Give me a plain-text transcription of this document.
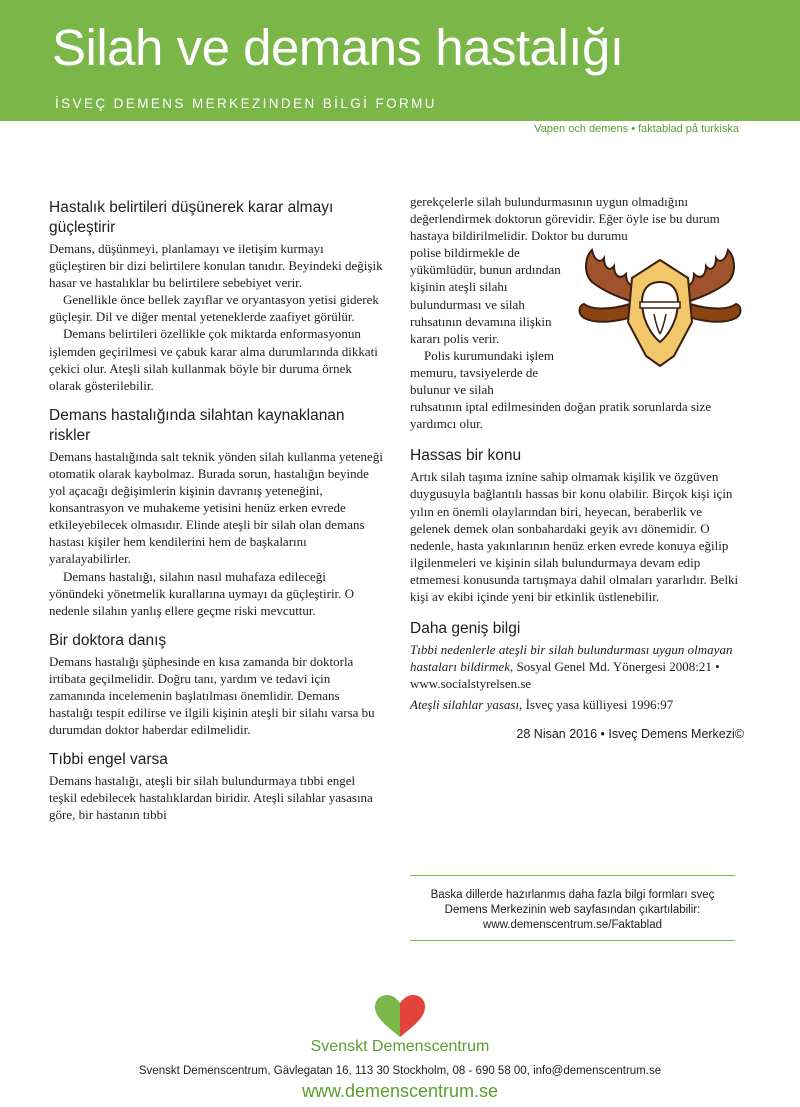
Silah ve demans hastalığı
İSVEÇ DEMENS MERKEZINDEN BİLGİ FORMU
Vapen och demens • faktablad på turkiska
Hastalık belirtileri düşünerek karar almayı güçleştirir

Demans, düşünmeyi, planlamayı ve iletişim kurmayı güçleştiren bir dizi belirtilere konulan tanıdır. Beyindeki değişik hasar ve hastalıklar bu belirtilere sebebiyet verir.

Genellikle önce bellek zayıflar ve oryantasyon yetisi giderek güçleşir. Dil ve diğer mental yeteneklerde zaafiyet görülür.

Demans belirtileri özellikle çok miktarda enformasyonun işlemden geçirilmesi ve çabuk karar alma durumlarında dikkati çekici olur. Ateşli silah kullanmak böyle bir duruma örnek olarak gösterilebilir.

Demans hastalığında silahtan kaynaklanan riskler

Demans hastalığında salt teknik yönden silah kullanma yeteneği otomatik olarak kaybolmaz. Burada sorun, hastalığın beyinde yol açacağı değişimlerin kişinin davranış yeteneğini, konsantrasyon ve muhakeme yetisini henüz erken evrede etkileyebilecek olmasıdır. Elinde ateşli bir silah olan demans hastası kişiler hem kendilerini hem de başkalarını yaralayabilirler.

Demans hastalığı, silahın nasıl muhafaza edileceği yönündeki yönetmelik kurallarına uymayı da güçleştirir. O nedenle silahın yanlış ellere geçme riski mevcuttur.

Bir doktora danış

Demans hastalığı şüphesinde en kısa zamanda bir doktorla irtibata geçilmelidir. Doğru tanı, yardım ve tedavi için zamanında incelemenin başlatılması önemlidir. Demans hastalığı tespit edilirse ve ilgili kişinin ateşli bir silahı varsa bu durumdan doktor haberdar edilmelidir.

Tıbbi engel varsa

Demans hastalığı, ateşli bir silah bulundurmaya tıbbi engel teşkil edebilecek hastalıklardan biridir. Ateşli silahlar yasasına göre, bir hastanın tıbbi

gerekçelerle silah bulundurmasının uygun olmadığını değerlendirmek doktorun görevidir. Eğer öyle ise bu durum hastaya bildirilmelidir. Doktor bu durumu

polise bildirmekle de yükümlüdür, bunun ardından kişinin ateşli silahı bulundurması ve silah ruhsatının devamına ilişkin kararı polis verir.

Polis kurumundaki işlem memuru, tavsiyelerde de bulunur ve silah

ruhsatının iptal edilmesinden doğan pratik sorunlarda size yardımcı olur.

Hassas bir konu

Artık silah taşıma iznine sahip olmamak kişilik ve özgüven duygusuyla bağlantılı hassas bir konu olabilir. Birçok kişi için yılın en önemli olaylarından biri, heyecan, beraberlik ve gelenek demek olan sonbahardaki geyik avı dönemidir. O nedenle, hasta yakınlarının henüz erken evrede konuya eğilip ilgilenmeleri ve kişinin silah bulundurmaya devam edip etmemesi konusunda tartışmaya dahil olmaları yararlıdır. Belki kişi av ekibi içinde yeni bir etkinlik üstlenebilir.

Daha geniş bilgi

Tıbbi nedenlerle ateşli bir silah bulundurması uygun olmayan hastaları bildirmek, Sosyal Genel Md. Yönergesi 2008:21 • www.socialstyrelsen.se

Ateşli silahlar yasası, İsveç yasa külliyesi 1996:97

28 Nisan 2016 • Isveç Demens Merkezi©
Baska dillerde hazırlanmıs daha fazla bilgi formları sveç
Demens Merkezinin web sayfasından çıkartılabilir:
www.demenscentrum.se/Faktablad
Svenskt Demenscentrum
Svenskt Demenscentrum, Gävlegatan 16, 113 30 Stockholm, 08 - 690 58 00, info@demenscentrum.se
www.demenscentrum.se
